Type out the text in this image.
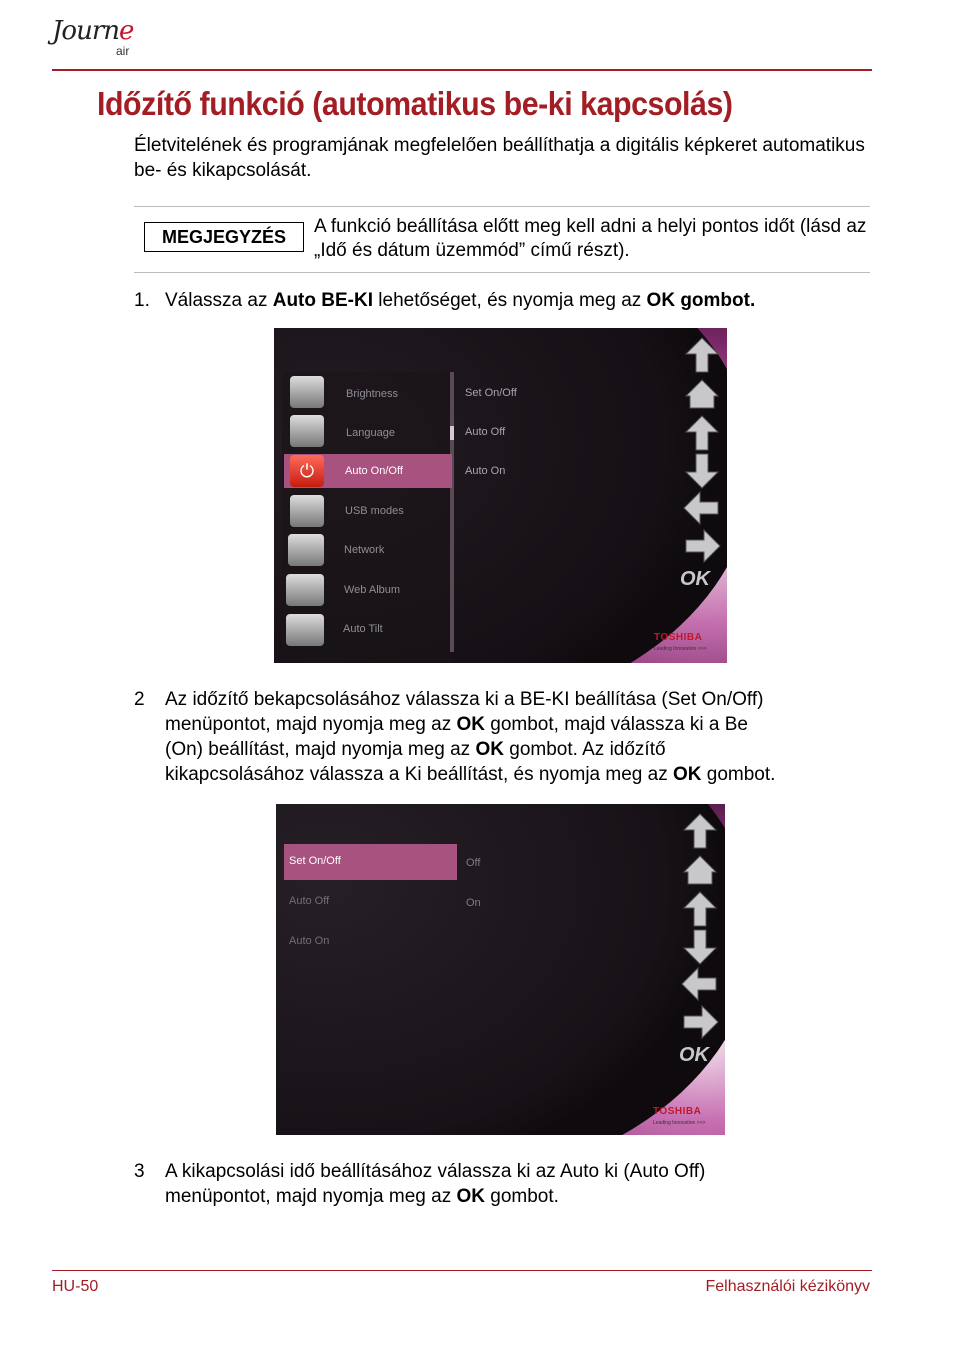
Journe
air
Időzítő funkció (automatikus be-ki kapcsolás)

Életvitelének és programjának megfelelően beállíthatja a digitális képkeret automatikus be- és kikapcsolását.

MEGJEGYZÉS	A funkció beállítása előtt meg kell adni a helyi pontos időt (lásd az „Idő és dátum üzemmód” című részt).
1. Válassza az Auto BE-KI lehetőséget, és nyomja meg az OK gombot.
⏻
Brightness
Language
Auto On/Off
USB modes
Network
Web Album
Auto Tilt
Set On/Off
Auto Off
Auto On
OK
TOSHIBA
Leading Innovation >>>
2 Az időzítő bekapcsolásához válassza ki a BE-KI beállítása (Set On/Off)
menüpontot, majd nyomja meg az OK gombot, majd válassza ki a Be
(On) beállítást, majd nyomja meg az OK gombot. Az időzítő
kikapcsolásához válassza a Ki beállítást, és nyomja meg az OK gombot.
Set On/Off
Auto Off
Auto On
Off
On
OK
TOSHIBA
Leading Innovation >>>
3 A kikapcsolási idő beállításához válassza ki az Auto ki (Auto Off)
menüpontot, majd nyomja meg az OK gombot.
HU-50	Felhasználói kézikönyv
